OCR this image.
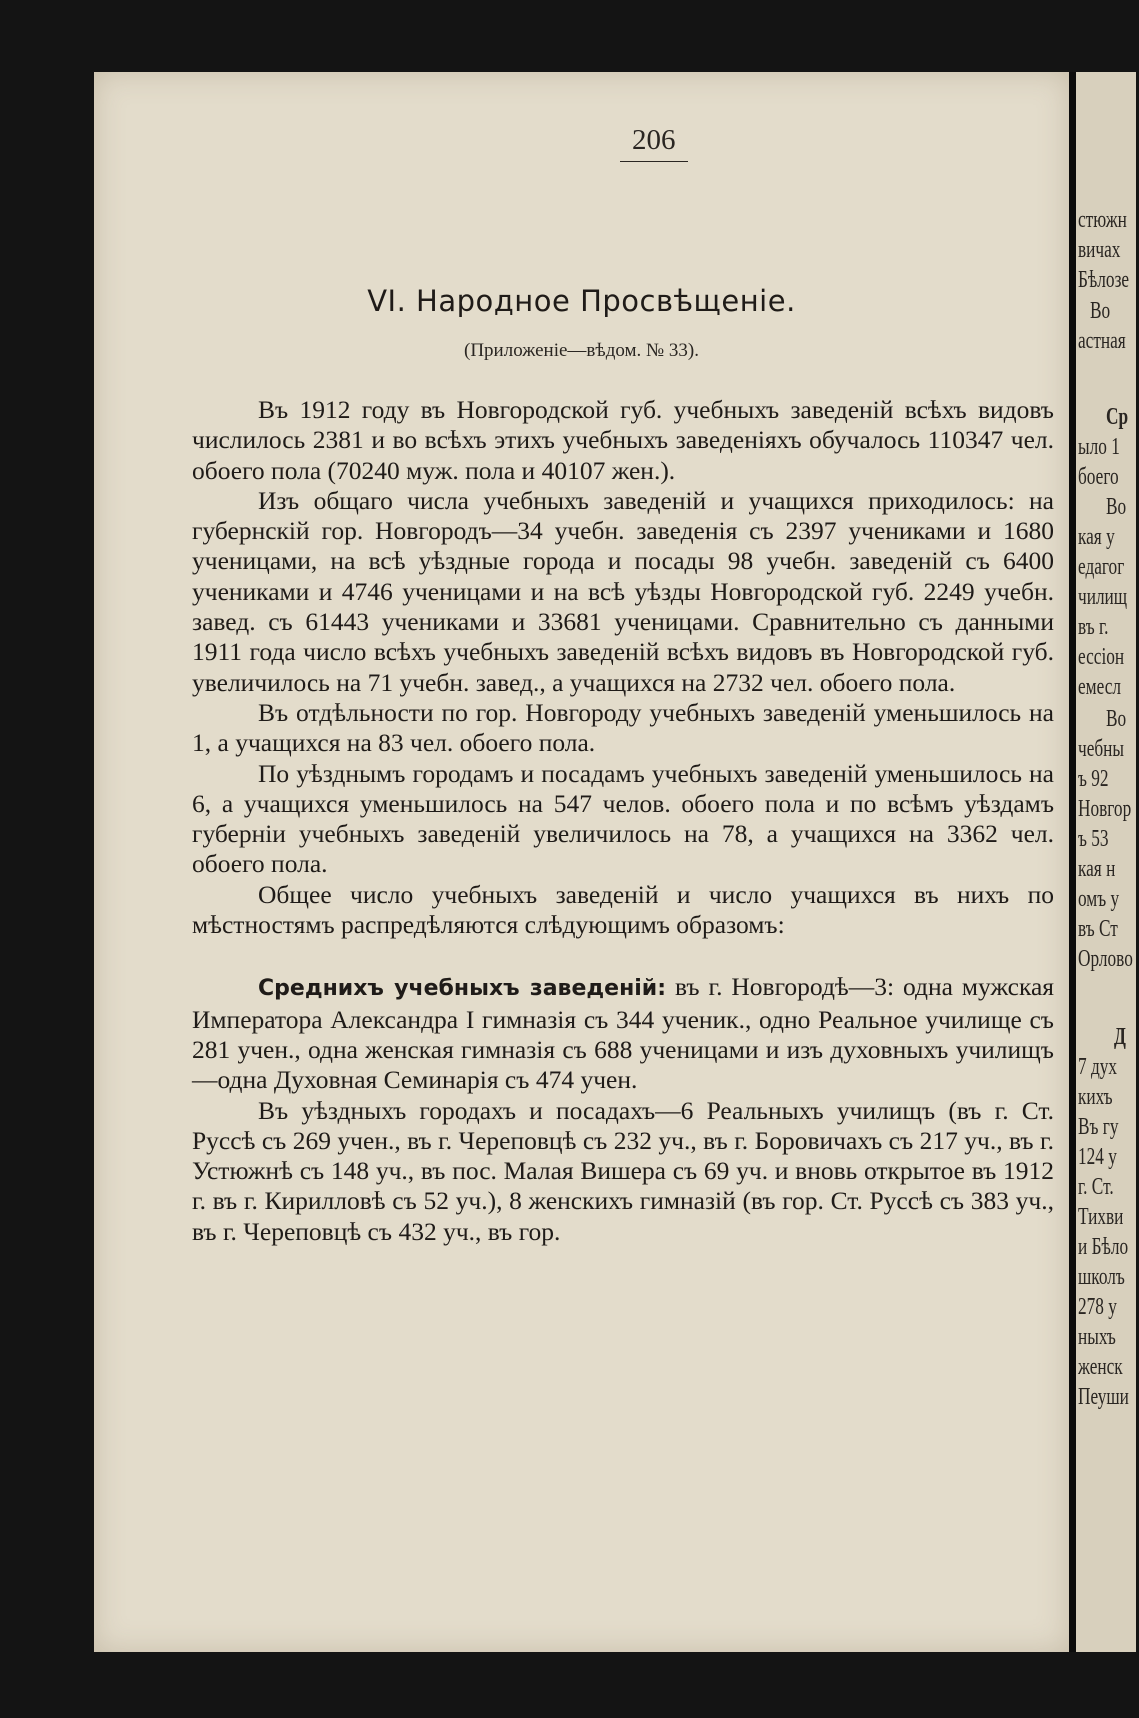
206
VI. Народное Просвѣщеніе.
(Приложеніе—вѣдом. № 33).

Въ 1912 году въ Новгородской губ. учебныхъ заведеній всѣхъ видовъ числилось 2381 и во всѣхъ этихъ учебныхъ заведеніяхъ обучалось 110347 чел. обоего пола (70240 муж. пола и 40107 жен.).

Изъ общаго числа учебныхъ заведеній и учащихся приходилось: на губернскій гор. Новгородъ—34 учебн. заведенія съ 2397 учениками и 1680 ученицами, на всѣ уѣздные города и посады 98 учебн. заведеній съ 6400 учениками и 4746 ученицами и на всѣ уѣзды Новгородской губ. 2249 учебн. завед. съ 61443 учениками и 33681 ученицами. Сравнительно съ данными 1911 года число всѣхъ учебныхъ заведеній всѣхъ видовъ въ Новгородской губ. увеличилось на 71 учебн. завед., а учащихся на 2732 чел. обоего пола.

Въ отдѣльности по гор. Новгороду учебныхъ заведеній уменьшилось на 1, а учащихся на 83 чел. обоего пола.

По уѣзднымъ городамъ и посадамъ учебныхъ заведеній уменьшилось на 6, а учащихся уменьшилось на 547 челов. обоего пола и по всѣмъ уѣздамъ губерніи учебныхъ заведеній увеличилось на 78, а учащихся на 3362 чел. обоего пола.

Общее число учебныхъ заведеній и число учащихся въ нихъ по мѣстностямъ распредѣляются слѣдующимъ образомъ:

Среднихъ учебныхъ заведеній: въ г. Новгородѣ—3: одна мужская Императора Александра I гимназія съ 344 ученик., одно Реальное училище съ 281 учен., одна женская гимназія съ 688 ученицами и изъ духовныхъ училищъ—одна Духовная Семинарія съ 474 учен.

Въ уѣздныхъ городахъ и посадахъ—6 Реальныхъ училищъ (въ г. Ст. Руссѣ съ 269 учен., въ г. Череповцѣ съ 232 уч., въ г. Боровичахъ съ 217 уч., въ г. Устюжнѣ съ 148 уч., въ пос. Малая Вишера съ 69 уч. и вновь открытое въ 1912 г. въ г. Кирилловѣ съ 52 уч.), 8 женскихъ гимназій (въ гор. Ст. Руссѣ съ 383 уч., въ г. Череповцѣ съ 432 уч., въ гор.

стюжн
вичах
Бѣлозе
Во
астная
Ср
ыло 1
боего
Во
кая у
едагог
чилищ
въ г.
ессіон
емесл
Во
чебны
ъ 92
Новгор
ъ 53
кая н
омъ у
въ Ст
Орлово
Д
7 дух
кихъ
Въ гу
124 у
г. Ст.
Тихви
и Бѣло
школъ
278 у
ныхъ
женск
Пеуши
